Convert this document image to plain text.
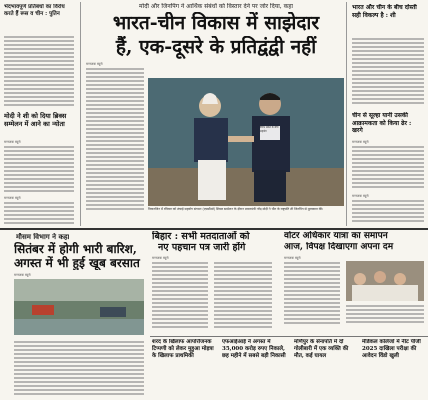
भेदभावपूर्ण प्रतिबंधों का विरोध करते हैं रूस व चीन : पुतिन
मोदी ने शी को दिया ब्रिक्स सम्मेलन में आने का न्योता
मणजक ब्यूरो
मणजक ब्यूरो
मोदी और जिनपिंग ने आर्थिक संबंधों को विस्तार देने पर जोर दिया, कहा
भारत-चीन विकास में साझेदार
हैं, एक-दूसरे के प्रतिद्वंद्वी नहीं
मणजक ब्यूरो
टैरिफ संकट के बीच सहयोग
तियानजिन में रविवार को शंघाई सहयोग संगठन (एससीओ) शिखर सम्मेलन के दौरान प्रधानमंत्री नरेंद्र मोदी ने चीन के राष्ट्रपति शी जिनपिंग से मुलाकात की।
भारत और चीन के बीच दोस्ती सही विकल्प है : शी
चीन से सूल्हा यानी उसकी आक्रामकता को किया ढेर : खरगे
मणजक ब्यूरो
मणजक ब्यूरो
मौसम विभाग ने कहा
सितंबर में होगी भारी बारिश,
अगस्त में भी हुई खूब बरसात
मणजक ब्यूरो
बिहार : सभी मतदाताओं को
नए पहचान पत्र जारी होंगे
मणजक ब्यूरो
वोटर अधिकार यात्रा का समापन
आज, विपक्ष दिखाएगा अपना दम
मणजक ब्यूरो
शरद के खिलाफ आपत्तिजनक टिप्पणी को लेकर मुहुआ मोइत्रा के खिलाफ प्राथमिकी
एफआईआई ने अगस्त में 35,000 करोड़ रुपए निकाले, छह महीने में सबसे बड़ी निकासी
मणिपुर के सेनापति में दो गोलीबारी में एक व्यक्ति की मौत, कई घायल
मेडिकल कॉलेजों में नीट पीजी 2025 दाखिला परीक्षा की आवेदन विंडो खुली
